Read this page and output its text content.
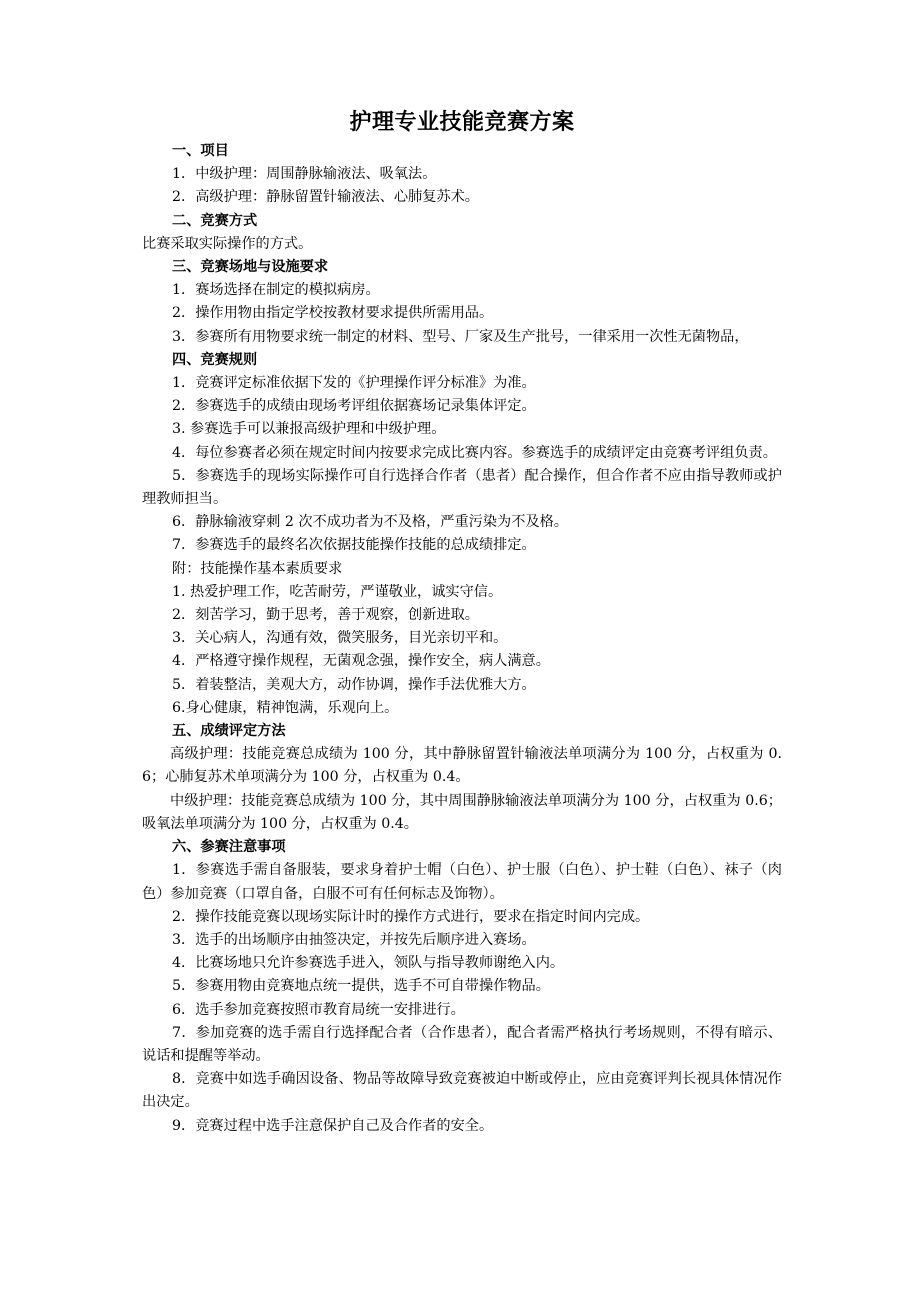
护理专业技能竞赛方案
一、项目
1．中级护理：周围静脉输液法、吸氧法。
2．高级护理：静脉留置针输液法、心肺复苏术。
二、竞赛方式
比赛采取实际操作的方式。
三、竞赛场地与设施要求
1．赛场选择在制定的模拟病房。
2．操作用物由指定学校按教材要求提供所需用品。
3．参赛所有用物要求统一制定的材料、型号、厂家及生产批号，一律采用一次性无菌物品，
四、竞赛规则
1．竞赛评定标准依据下发的《护理操作评分标准》为准。
2．参赛选手的成绩由现场考评组依据赛场记录集体评定。
3. 参赛选手可以兼报高级护理和中级护理。
4．每位参赛者必须在规定时间内按要求完成比赛内容。参赛选手的成绩评定由竞赛考评组负责。
5．参赛选手的现场实际操作可自行选择合作者（患者）配合操作，但合作者不应由指导教师或护理教师担当。
6．静脉输液穿刺 2 次不成功者为不及格，严重污染为不及格。
7．参赛选手的最终名次依据技能操作技能的总成绩排定。
附：技能操作基本素质要求
1. 热爱护理工作，吃苦耐劳，严谨敬业，诚实守信。
2．刻苦学习，勤于思考，善于观察，创新进取。
3．关心病人，沟通有效，微笑服务，目光亲切平和。
4．严格遵守操作规程，无菌观念强，操作安全，病人满意。
5．着装整洁，美观大方，动作协调，操作手法优雅大方。
6.身心健康，精神饱满，乐观向上。
五、成绩评定方法
高级护理：技能竞赛总成绩为 100 分，其中静脉留置针输液法单项满分为 100 分，占权重为 0.6；心肺复苏术单项满分为 100 分，占权重为 0.4。
中级护理：技能竞赛总成绩为 100 分，其中周围静脉输液法单项满分为 100 分，占权重为 0.6；吸氧法单项满分为 100 分，占权重为 0.4。
六、参赛注意事项
1．参赛选手需自备服装，要求身着护士帽（白色）、护士服（白色）、护士鞋（白色）、袜子（肉色）参加竞赛（口罩自备，白服不可有任何标志及饰物）。
2．操作技能竞赛以现场实际计时的操作方式进行，要求在指定时间内完成。
3．选手的出场顺序由抽签决定，并按先后顺序进入赛场。
4．比赛场地只允许参赛选手进入，领队与指导教师谢绝入内。
5．参赛用物由竞赛地点统一提供，选手不可自带操作物品。
6．选手参加竞赛按照市教育局统一安排进行。
7．参加竞赛的选手需自行选择配合者（合作患者），配合者需严格执行考场规则，不得有暗示、说话和提醒等举动。
8．竞赛中如选手确因设备、物品等故障导致竞赛被迫中断或停止，应由竞赛评判长视具体情况作出决定。
9．竞赛过程中选手注意保护自己及合作者的安全。
